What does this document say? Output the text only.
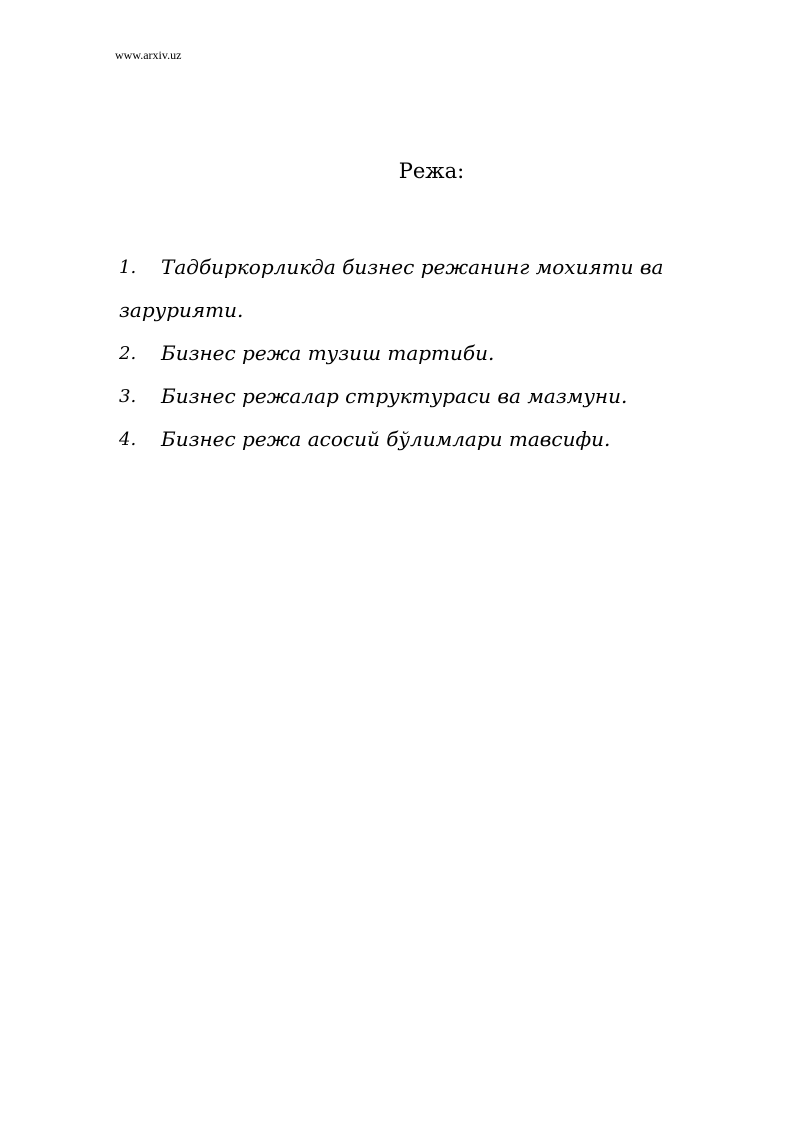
www.arxiv.uz
Режа:
1. Тадбиркорликда бизнес режанинг мохияти ва зарурияти.
2. Бизнес режа тузиш тартиби.
3. Бизнес режалар структураси ва мазмуни.
4. Бизнес режа асосий бўлимлари тавсифи.
